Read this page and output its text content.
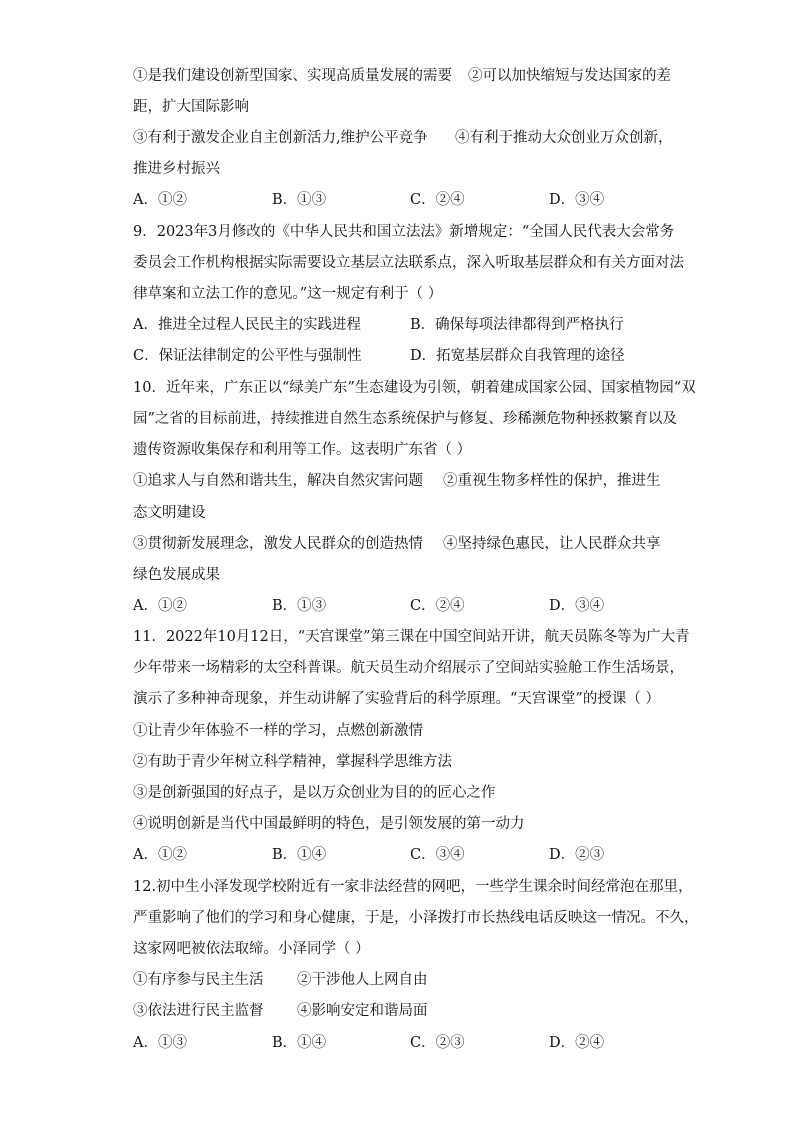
①是我们建设创新型国家、实现高质量发展的需要 ②可以加快缩短与发达国家的差
距，扩大国际影响
③有利于激发企业自主创新活力,维护公平竞争 ④有利于推动大众创业万众创新，
推进乡村振兴
A．①②	B．①③	C．②④	D．③④
9．2023年3月修改的《中华人民共和国立法法》新增规定：“全国人民代表大会常务
委员会工作机构根据实际需要设立基层立法联系点，深入听取基层群众和有关方面对法
律草案和立法工作的意见。”这一规定有利于（ ）
A．推进全过程人民民主的实践进程	B．确保每项法律都得到严格执行
C．保证法律制定的公平性与强制性	D．拓宽基层群众自我管理的途径
10．近年来，广东正以“绿美广东”生态建设为引领，朝着建成国家公园、国家植物园“双
园”之省的目标前进，持续推进自然生态系统保护与修复、珍稀濒危物种拯救繁育以及
遗传资源收集保存和利用等工作。这表明广东省（ ）
①追求人与自然和谐共生，解决自然灾害问题 ②重视生物多样性的保护，推进生
态文明建设
③贯彻新发展理念，激发人民群众的创造热情 ④坚持绿色惠民，让人民群众共享
绿色发展成果
A．①②	B．①③	C．②④	D．③④
11．2022年10月12日，“天宫课堂”第三课在中国空间站开讲，航天员陈冬等为广大青
少年带来一场精彩的太空科普课。航天员生动介绍展示了空间站实验舱工作生活场景，
演示了多种神奇现象，并生动讲解了实验背后的科学原理。“天宫课堂”的授课（ ）
①让青少年体验不一样的学习，点燃创新激情
②有助于青少年树立科学精神，掌握科学思维方法
③是创新强国的好点子，是以万众创业为目的的匠心之作
④说明创新是当代中国最鲜明的特色，是引领发展的第一动力
A．①②	B．①④	C．③④	D．②③
12.初中生小泽发现学校附近有一家非法经营的网吧，一些学生课余时间经常泡在那里，
严重影响了他们的学习和身心健康，于是，小泽拨打市长热线电话反映这一情况。不久，
这家网吧被依法取缔。小泽同学（ ）
①有序参与民主生活 ②干涉他人上网自由
③依法进行民主监督 ④影响安定和谐局面
A．①③	B．①④	C．②③	D．②④
